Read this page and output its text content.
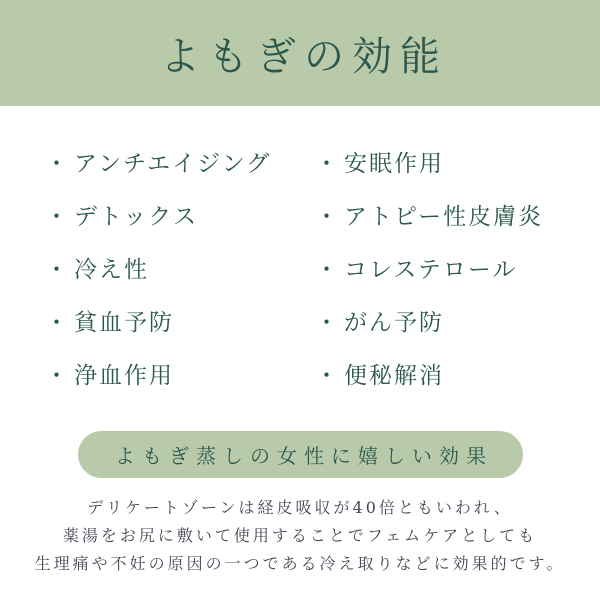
よもぎの効能
・ アンチエイジング
・ デトックス
・ 冷え性
・ 貧血予防
・ 浄血作用
・ 安眠作用
・ アトピー性皮膚炎
・ コレステロール
・ がん予防
・ 便秘解消
よもぎ蒸しの女性に嬉しい効果
デリケートゾーンは経皮吸収が40倍ともいわれ、
薬湯をお尻に敷いて使用することでフェムケアとしても
生理痛や不妊の原因の一つである冷え取りなどに効果的です。
